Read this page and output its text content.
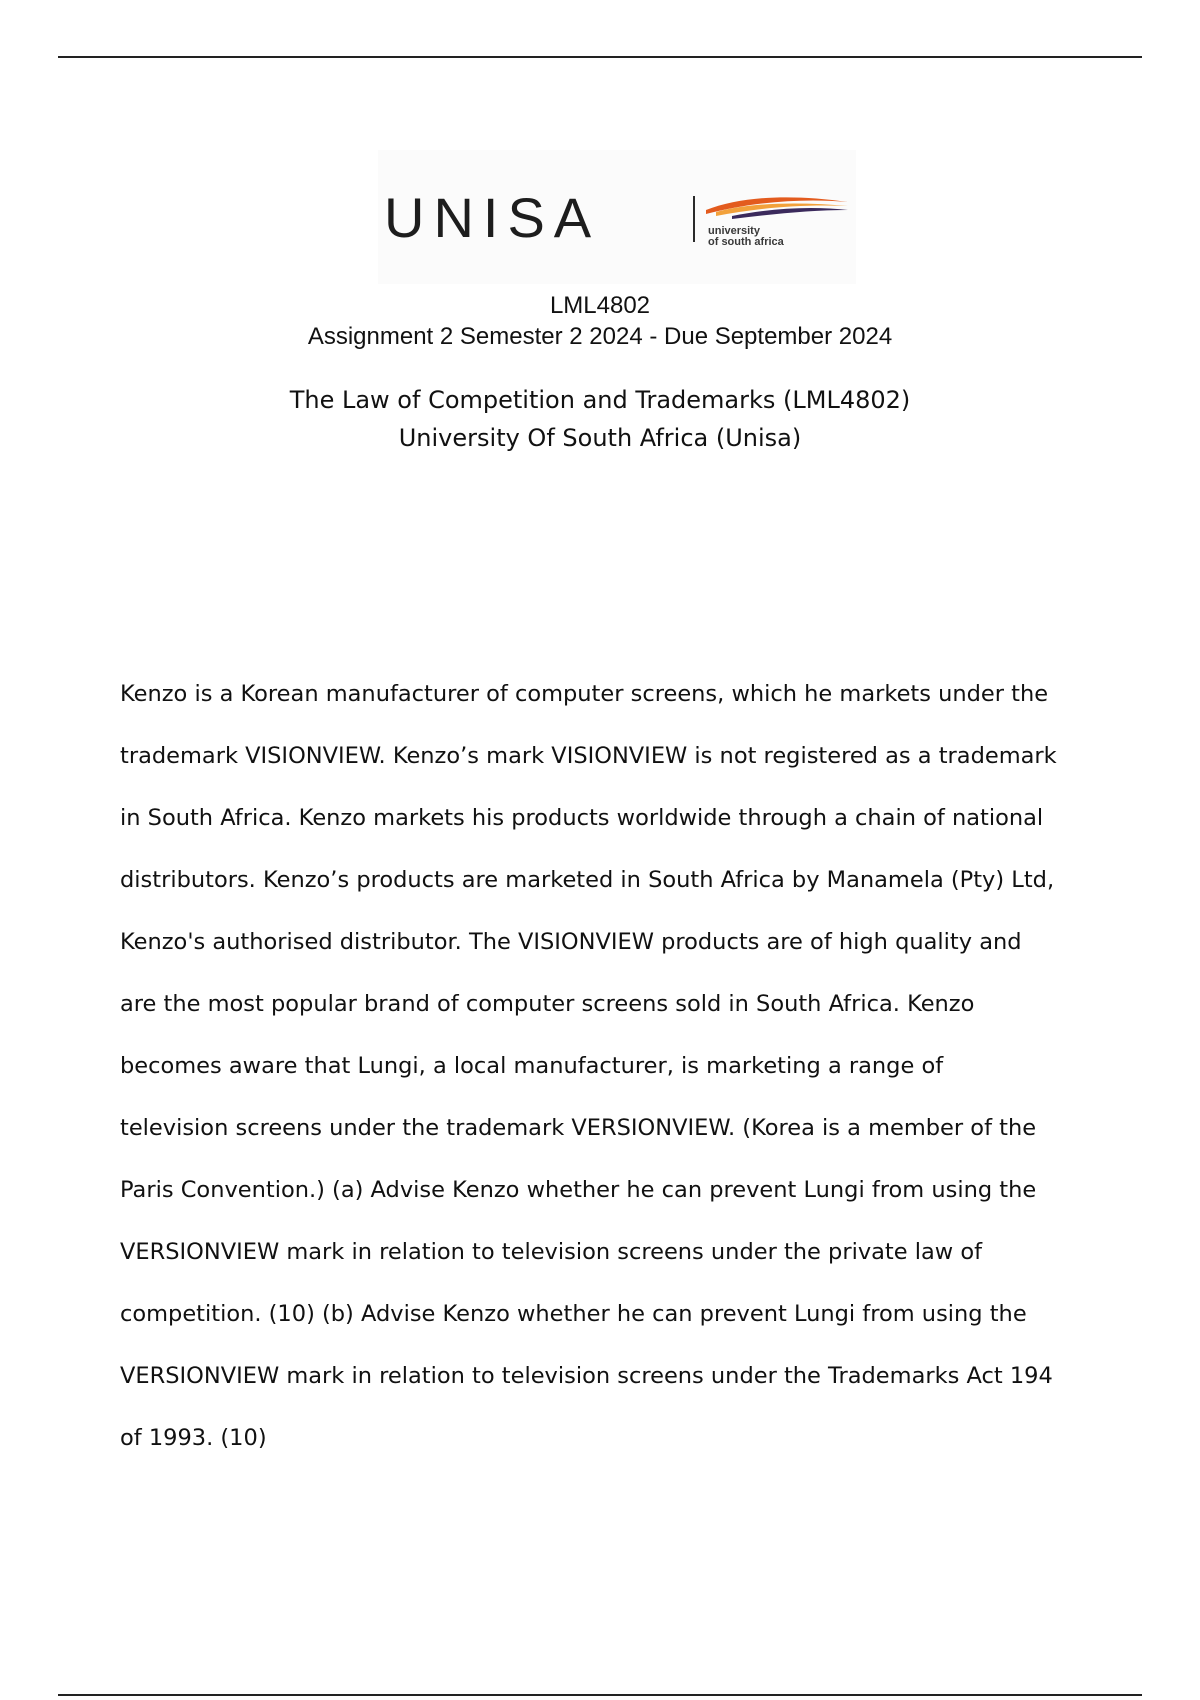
UNISA	university
of south africa
LML4802
Assignment 2 Semester 2 2024 - Due September 2024
The Law of Competition and Trademarks (LML4802)
University Of South Africa (Unisa)
Kenzo is a Korean manufacturer of computer screens, which he markets under the
trademark VISIONVIEW. Kenzo’s mark VISIONVIEW is not registered as a trademark
in South Africa. Kenzo markets his products worldwide through a chain of national
distributors. Kenzo’s products are marketed in South Africa by Manamela (Pty) Ltd,
Kenzo's authorised distributor. The VISIONVIEW products are of high quality and
are the most popular brand of computer screens sold in South Africa. Kenzo
becomes aware that Lungi, a local manufacturer, is marketing a range of
television screens under the trademark VERSIONVIEW. (Korea is a member of the
Paris Convention.) (a) Advise Kenzo whether he can prevent Lungi from using the
VERSIONVIEW mark in relation to television screens under the private law of
competition. (10) (b) Advise Kenzo whether he can prevent Lungi from using the
VERSIONVIEW mark in relation to television screens under the Trademarks Act 194
of 1993. (10)
